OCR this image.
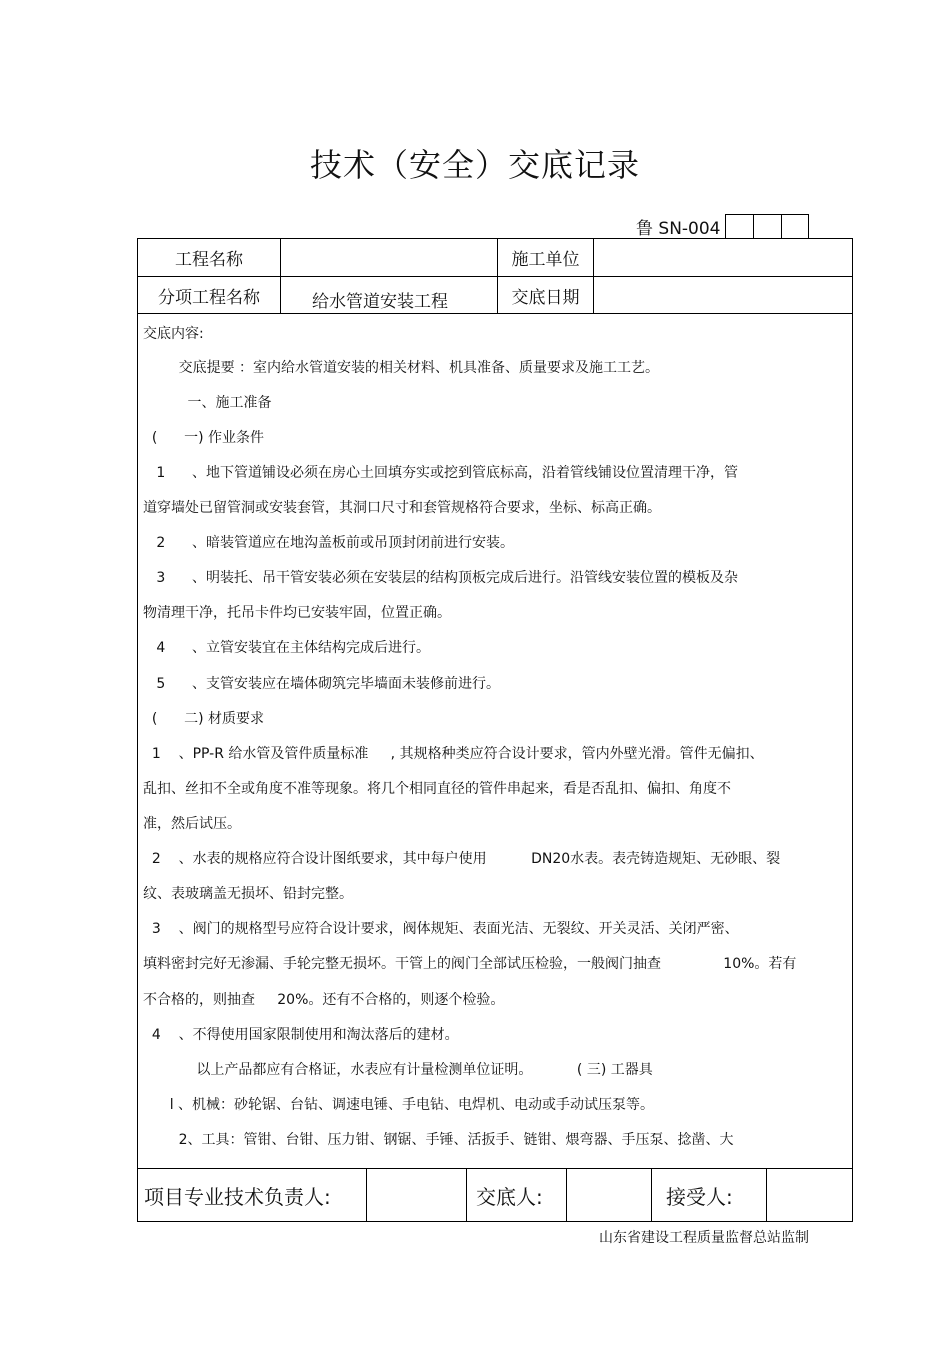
技术（安全）交底记录
鲁 SN-004
工程名称	施工单位
分项工程名称	给水管道安装工程	交底日期
交底内容:
交底提要 ：室内给水管道安装的相关材料、机具准备、质量要求及施工工艺。
一、施工准备
(      一) 作业条件
1      、地下管道铺设必须在房心土回填夯实或挖到管底标高，沿着管线铺设位置清理干净，管
道穿墙处已留管洞或安装套管，其洞口尺寸和套管规格符合要求，坐标、标高正确。
2      、暗装管道应在地沟盖板前或吊顶封闭前进行安装。
3      、明装托、吊干管安装必须在安装层的结构顶板完成后进行。沿管线安装位置的模板及杂
物清理干净，托吊卡件均已安装牢固，位置正确。
4      、立管安装宜在主体结构完成后进行。
5      、支管安装应在墙体砌筑完毕墙面未装修前进行。
(      二) 材质要求
1    、PP-R 给水管及管件质量标准     , 其规格种类应符合设计要求，管内外壁光滑。管件无偏扣、
乱扣、丝扣不全或角度不准等现象。将几个相同直径的管件串起来，看是否乱扣、偏扣、角度不
准，然后试压。
2    、水表的规格应符合设计图纸要求，其中每户使用          DN20水表。表壳铸造规矩、无砂眼、裂
纹、表玻璃盖无损坏、铅封完整。
3    、阀门的规格型号应符合设计要求，阀体规矩、表面光洁、无裂纹、开关灵活、关闭严密、
填料密封完好无渗漏、手轮完整无损坏。干管上的阀门全部试压检验，一般阀门抽查              10%。若有
不合格的，则抽查     20%。还有不合格的，则逐个检验。
4    、不得使用国家限制使用和淘汰落后的建材。
以上产品都应有合格证，水表应有计量检测单位证明。          ( 三) 工器具
l 、机械：砂轮锯、台钻、调速电锤、手电钻、电焊机、电动或手动试压泵等。
2、工具：管钳、台钳、压力钳、钢锯、手锤、活扳手、链钳、煨弯器、手压泵、捻凿、大
项目专业技术负责人:	交底人:	接受人:
山东省建设工程质量监督总站监制
